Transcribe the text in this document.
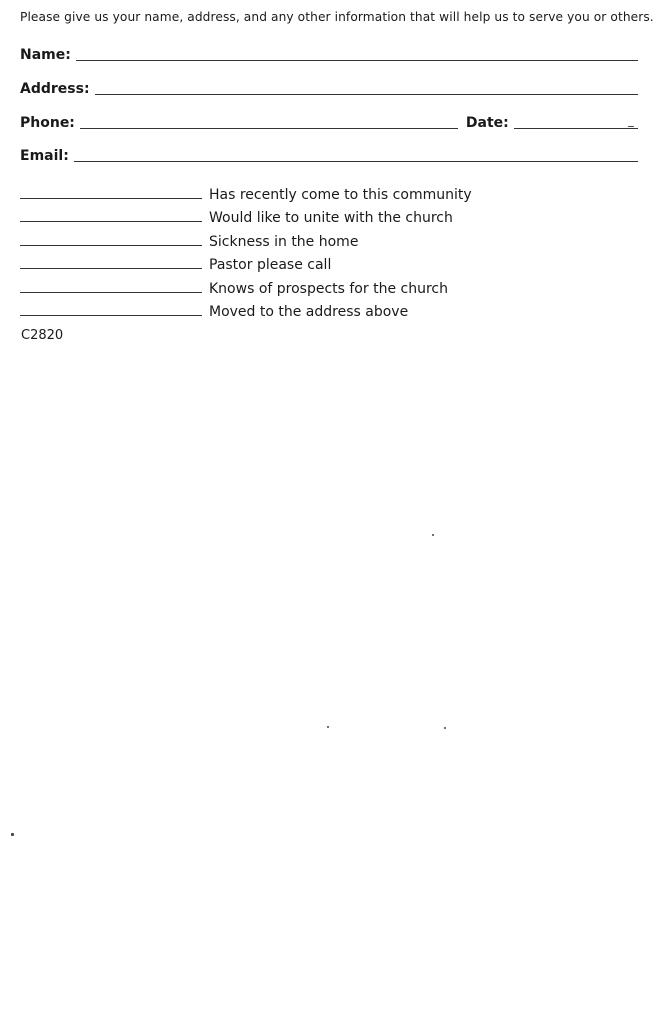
Please give us your name, address, and any other information that will help us to serve you or others.
Name:
Address:
Phone:	Date:
Email:
Has recently come to this community
Would like to unite with the church
Sickness in the home
Pastor please call
Knows of prospects for the church
Moved to the address above
C2820
